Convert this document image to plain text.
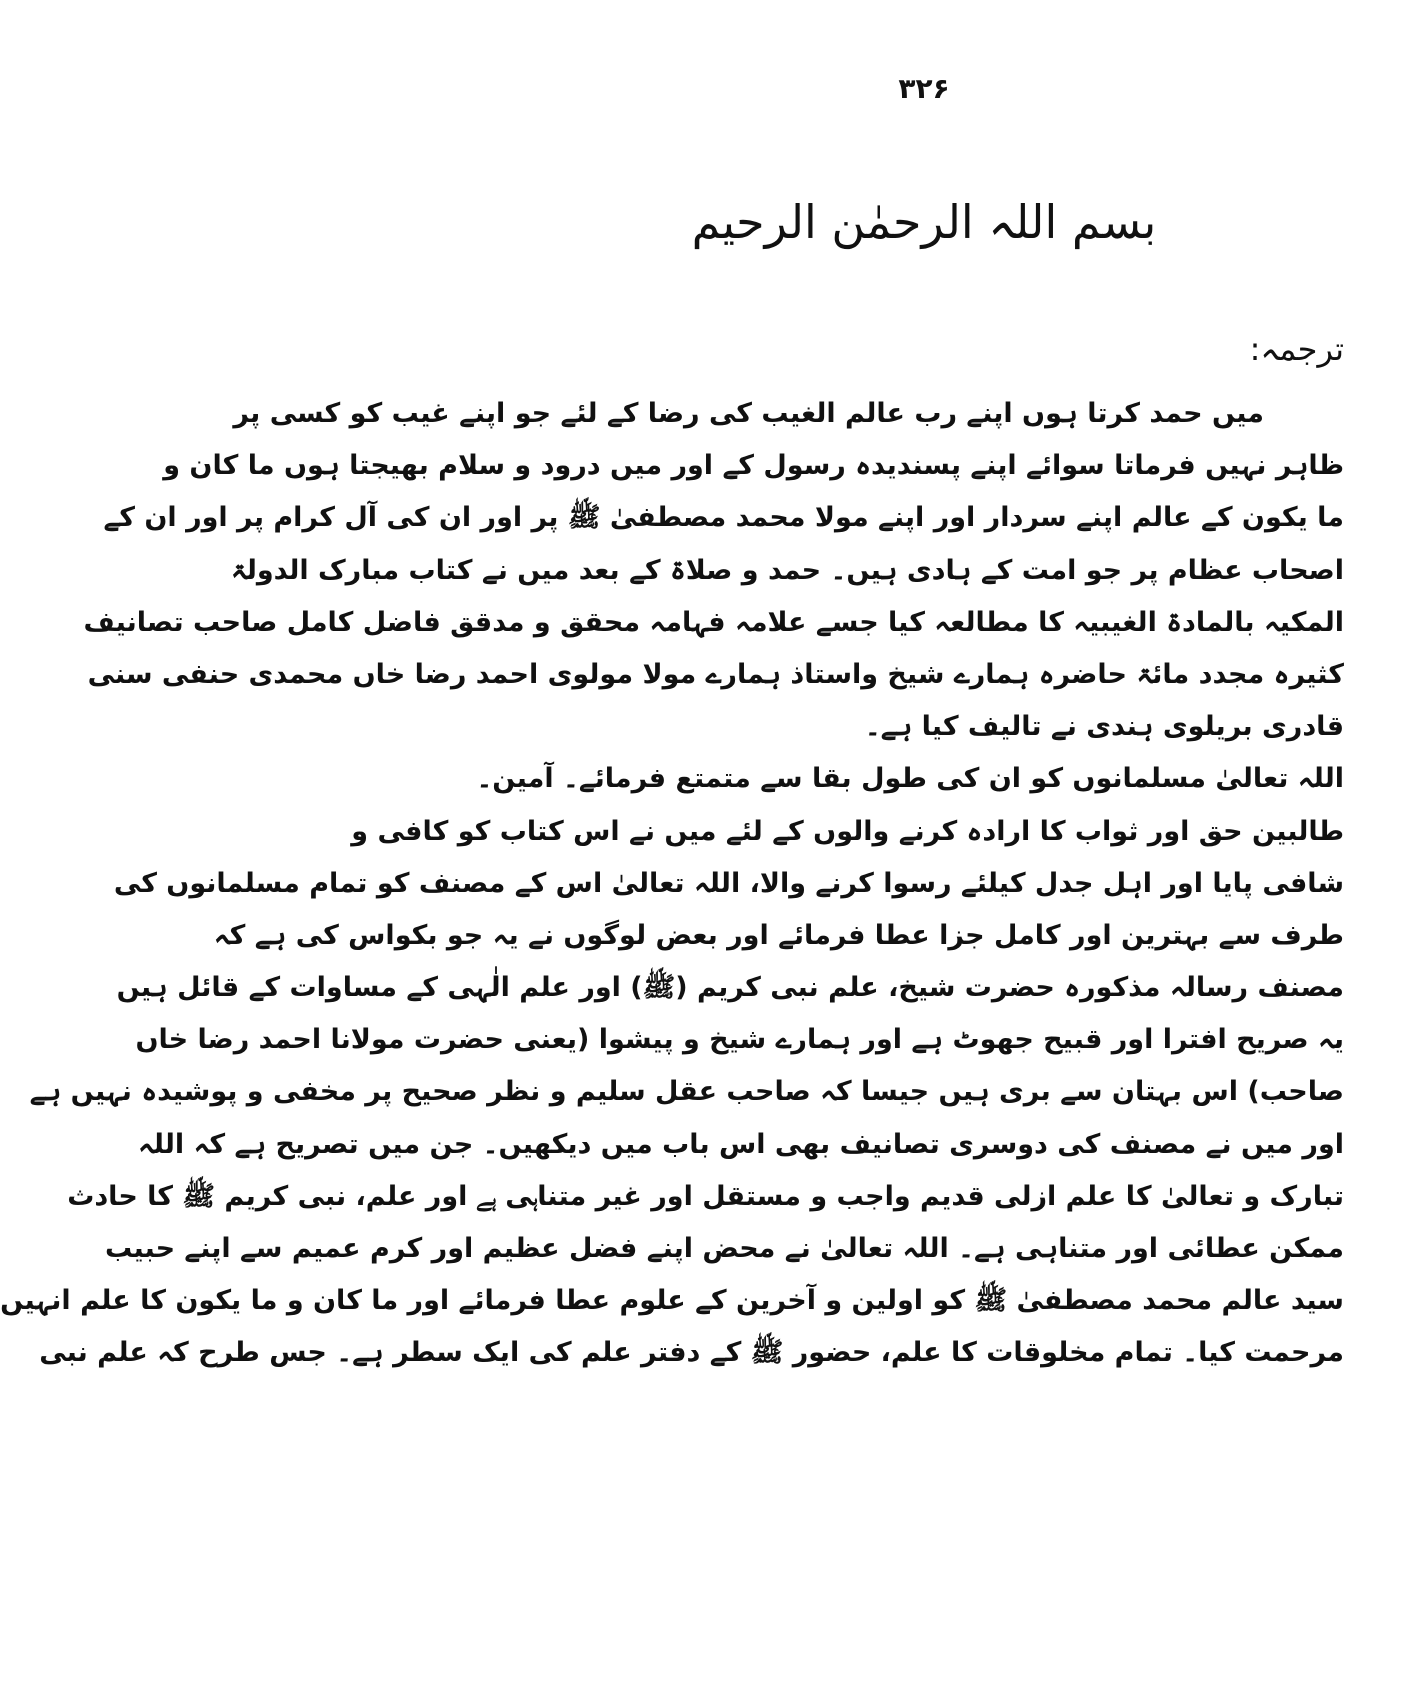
۳۲۶
بسم اللہ الرحمٰن الرحیم
ترجمہ:
میں حمد کرتا ہوں اپنے رب عالم الغیب کی رضا کے لئے جو اپنے غیب کو کسی پر
ظاہر نہیں فرماتا سوائے اپنے پسندیدہ رسول کے اور میں درود و سلام بھیجتا ہوں ما کان و
ما یکون کے عالم اپنے سردار اور اپنے مولا محمد مصطفیٰ ﷺ پر اور ان کی آل کرام پر اور ان کے
اصحاب عظام پر جو امت کے ہادی ہیں۔ حمد و صلاۃ کے بعد میں نے کتاب مبارک الدولۃ
المکیہ بالمادۃ الغیبیہ کا مطالعہ کیا جسے علامہ فہامہ محقق و مدقق فاضل کامل صاحب تصانیف
کثیرہ مجدد مائۃ حاضرہ ہمارے شیخ واستاذ ہمارے مولا مولوی احمد رضا خاں محمدی حنفی سنی
قادری بریلوی ہندی نے تالیف کیا ہے۔
اللہ تعالیٰ مسلمانوں کو ان کی طول بقا سے متمتع فرمائے۔ آمین۔
طالبین حق اور ثواب کا ارادہ کرنے والوں کے لئے میں نے اس کتاب کو کافی و
شافی پایا اور اہل جدل کیلئے رسوا کرنے والا، اللہ تعالیٰ اس کے مصنف کو تمام مسلمانوں کی
طرف سے بہترین اور کامل جزا عطا فرمائے اور بعض لوگوں نے یہ جو بکواس کی ہے کہ
مصنف رسالہ مذکورہ حضرت شیخ، علم نبی کریم (ﷺ) اور علم الٰہی کے مساوات کے قائل ہیں
یہ صریح افترا اور قبیح جھوٹ ہے اور ہمارے شیخ و پیشوا (یعنی حضرت مولانا احمد رضا خاں
صاحب) اس بہتان سے بری ہیں جیسا کہ صاحب عقل سلیم و نظر صحیح پر مخفی و پوشیدہ نہیں ہے
اور میں نے مصنف کی دوسری تصانیف بھی اس باب میں دیکھیں۔ جن میں تصریح ہے کہ اللہ
تبارک و تعالیٰ کا علم ازلی قدیم واجب و مستقل اور غیر متناہی ہے اور علم، نبی کریم ﷺ کا حادث
ممکن عطائی اور متناہی ہے۔ اللہ تعالیٰ نے محض اپنے فضل عظیم اور کرم عمیم سے اپنے حبیب
سید عالم محمد مصطفیٰ ﷺ کو اولین و آخرین کے علوم عطا فرمائے اور ما کان و ما یکون کا علم انہیں
مرحمت کیا۔ تمام مخلوقات کا علم، حضور ﷺ کے دفتر علم کی ایک سطر ہے۔ جس طرح کہ علم نبی
